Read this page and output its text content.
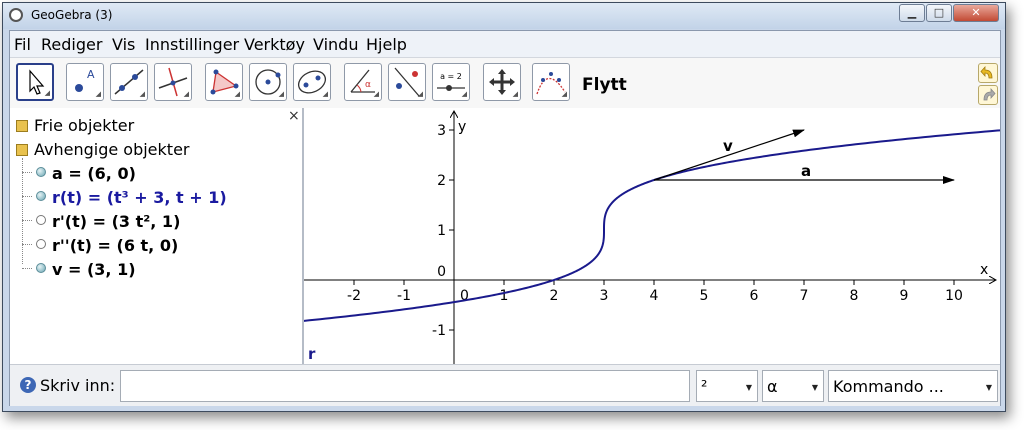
GeoGebra (3)	▁	□	✕
Fil Rediger Vis Innstillinger Verktøy Vindu Hjelp
◢
A
◢	◢	◢	◢	◢	◢
α
◢	◢
a = 2
◢	◢	◢ Flytt
×
Frie objekter
Avhengige objekter
a = (6, 0)
r(t) = (t³ + 3, t + 1)
r'(t) = (3 t², 1)
r''(t) = (6 t, 0)
v = (3, 1)
-2	-1	0 1	2	3	4	5	6	7	8	9	10
-1
0
1
2
3
x
y
v
a
r
? Skriv inn:	²	▼ α	▼ Kommando ...	▼
